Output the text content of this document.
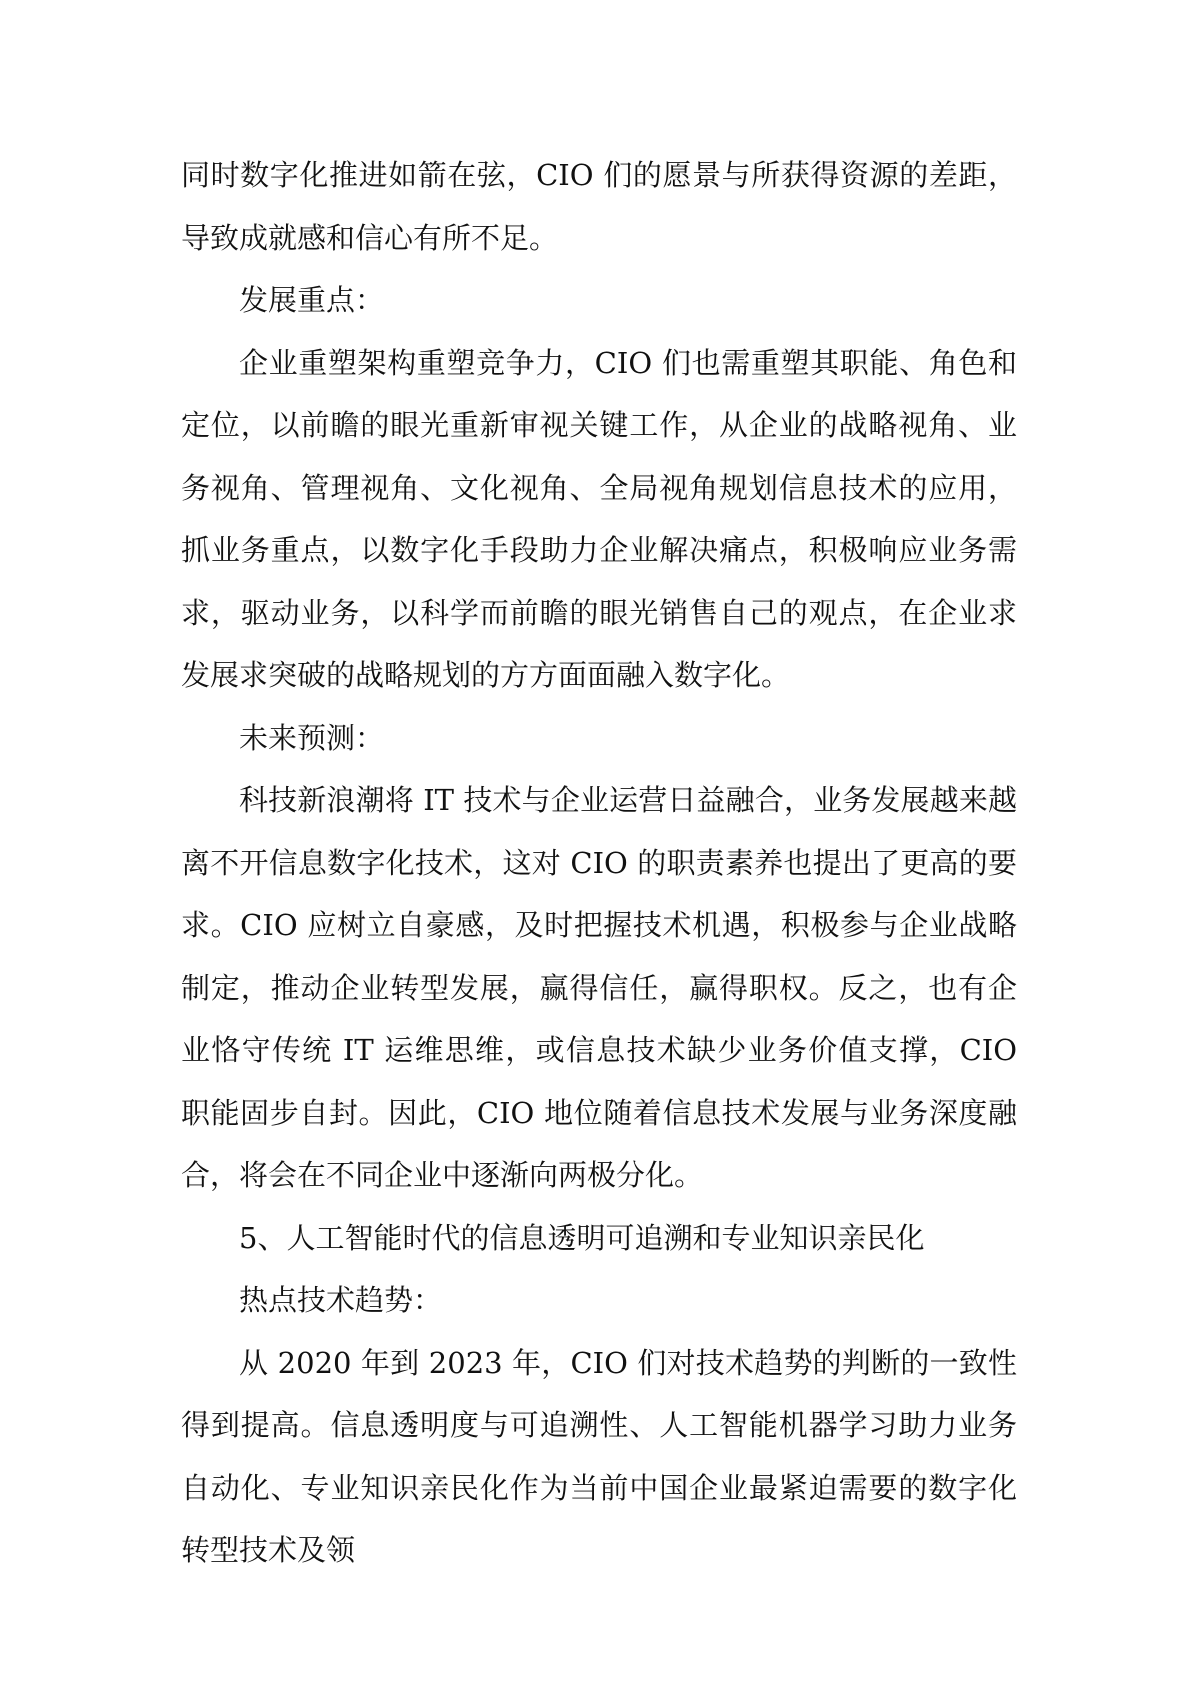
同时数字化推进如箭在弦，CIO 们的愿景与所获得资源的差距，导致成就感和信心有所不足。

发展重点：

企业重塑架构重塑竞争力，CIO 们也需重塑其职能、角色和定位，以前瞻的眼光重新审视关键工作，从企业的战略视角、业务视角、管理视角、文化视角、全局视角规划信息技术的应用，抓业务重点，以数字化手段助力企业解决痛点，积极响应业务需求，驱动业务，以科学而前瞻的眼光销售自己的观点，在企业求发展求突破的战略规划的方方面面融入数字化。

未来预测：

科技新浪潮将 IT 技术与企业运营日益融合，业务发展越来越离不开信息数字化技术，这对 CIO 的职责素养也提出了更高的要求。CIO 应树立自豪感，及时把握技术机遇，积极参与企业战略制定，推动企业转型发展，赢得信任，赢得职权。反之，也有企业恪守传统 IT 运维思维，或信息技术缺少业务价值支撑，CIO 职能固步自封。因此，CIO 地位随着信息技术发展与业务深度融合，将会在不同企业中逐渐向两极分化。

5、人工智能时代的信息透明可追溯和专业知识亲民化

热点技术趋势：

从 2020 年到 2023 年，CIO 们对技术趋势的判断的一致性得到提高。信息透明度与可追溯性、人工智能机器学习助力业务自动化、专业知识亲民化作为当前中国企业最紧迫需要的数字化转型技术及领
